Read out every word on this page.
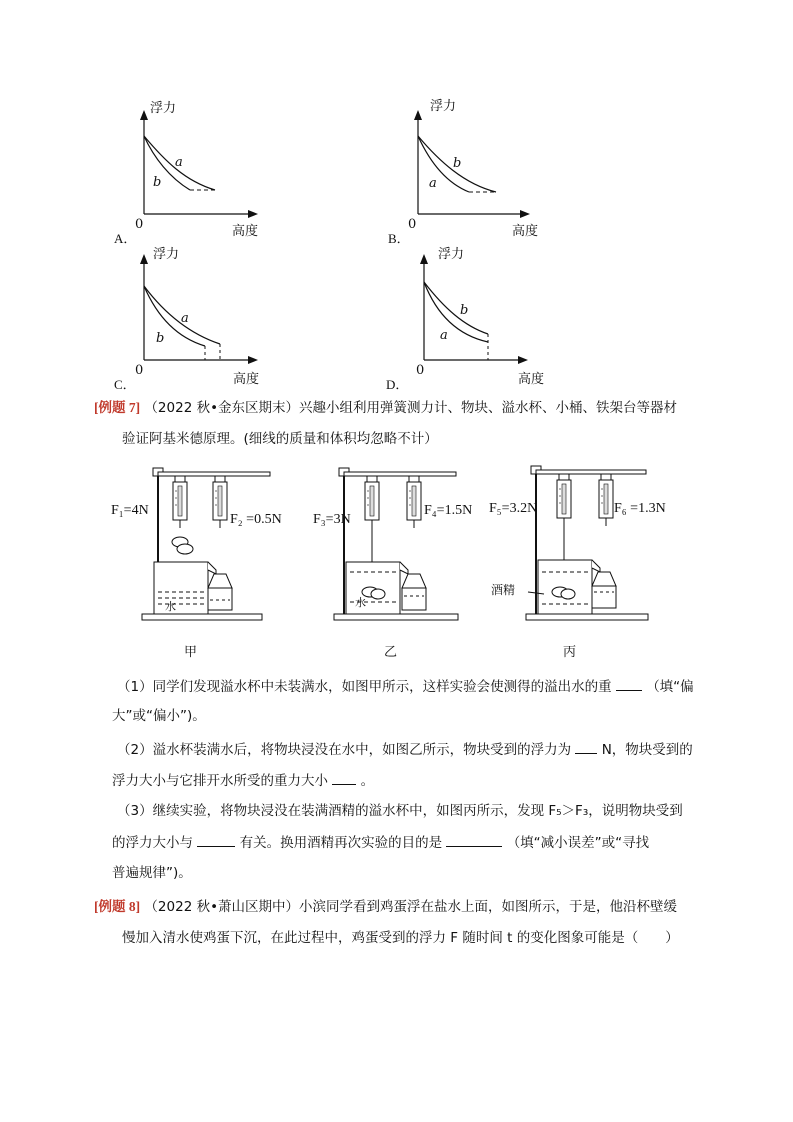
浮力
高度
0
a
b
A．
浮力
高度
0
b
a
B．
浮力
高度
0
a
b
C．
浮力
高度
0
b
a
D．
[例题 7] （2022 秋•金东区期末）兴趣小组利用弹簧测力计、物块、溢水杯、小桶、铁架台等器材
验证阿基米德原理。(细线的质量和体积均忽略不计）
F₁=4N
F₂ =0.5N
水
F₃=3N
F₄=1.5N
水
F₅=3.2N	F₆ =1.3N
酒精
甲	乙	丙
（1）同学们发现溢水杯中未装满水，如图甲所示，这样实验会使测得的溢出水的重	（填“偏
大”或“偏小”)。
（2）溢水杯装满水后，将物块浸没在水中，如图乙所示，物块受到的浮力为 N，物块受到的
浮力大小与它排开水所受的重力大小 。
（3）继续实验，将物块浸没在装满酒精的溢水杯中，如图丙所示，发现 F₅＞F₃，说明物块受到
的浮力大小与	有关。换用酒精再次实验的目的是	（填“减小误差”或“寻找
普遍规律”)。
[例题 8] （2022 秋•萧山区期中）小滨同学看到鸡蛋浮在盐水上面，如图所示，于是，他沿杯壁缓
慢加入清水使鸡蛋下沉，在此过程中，鸡蛋受到的浮力 F 随时间 t 的变化图象可能是（　　）
